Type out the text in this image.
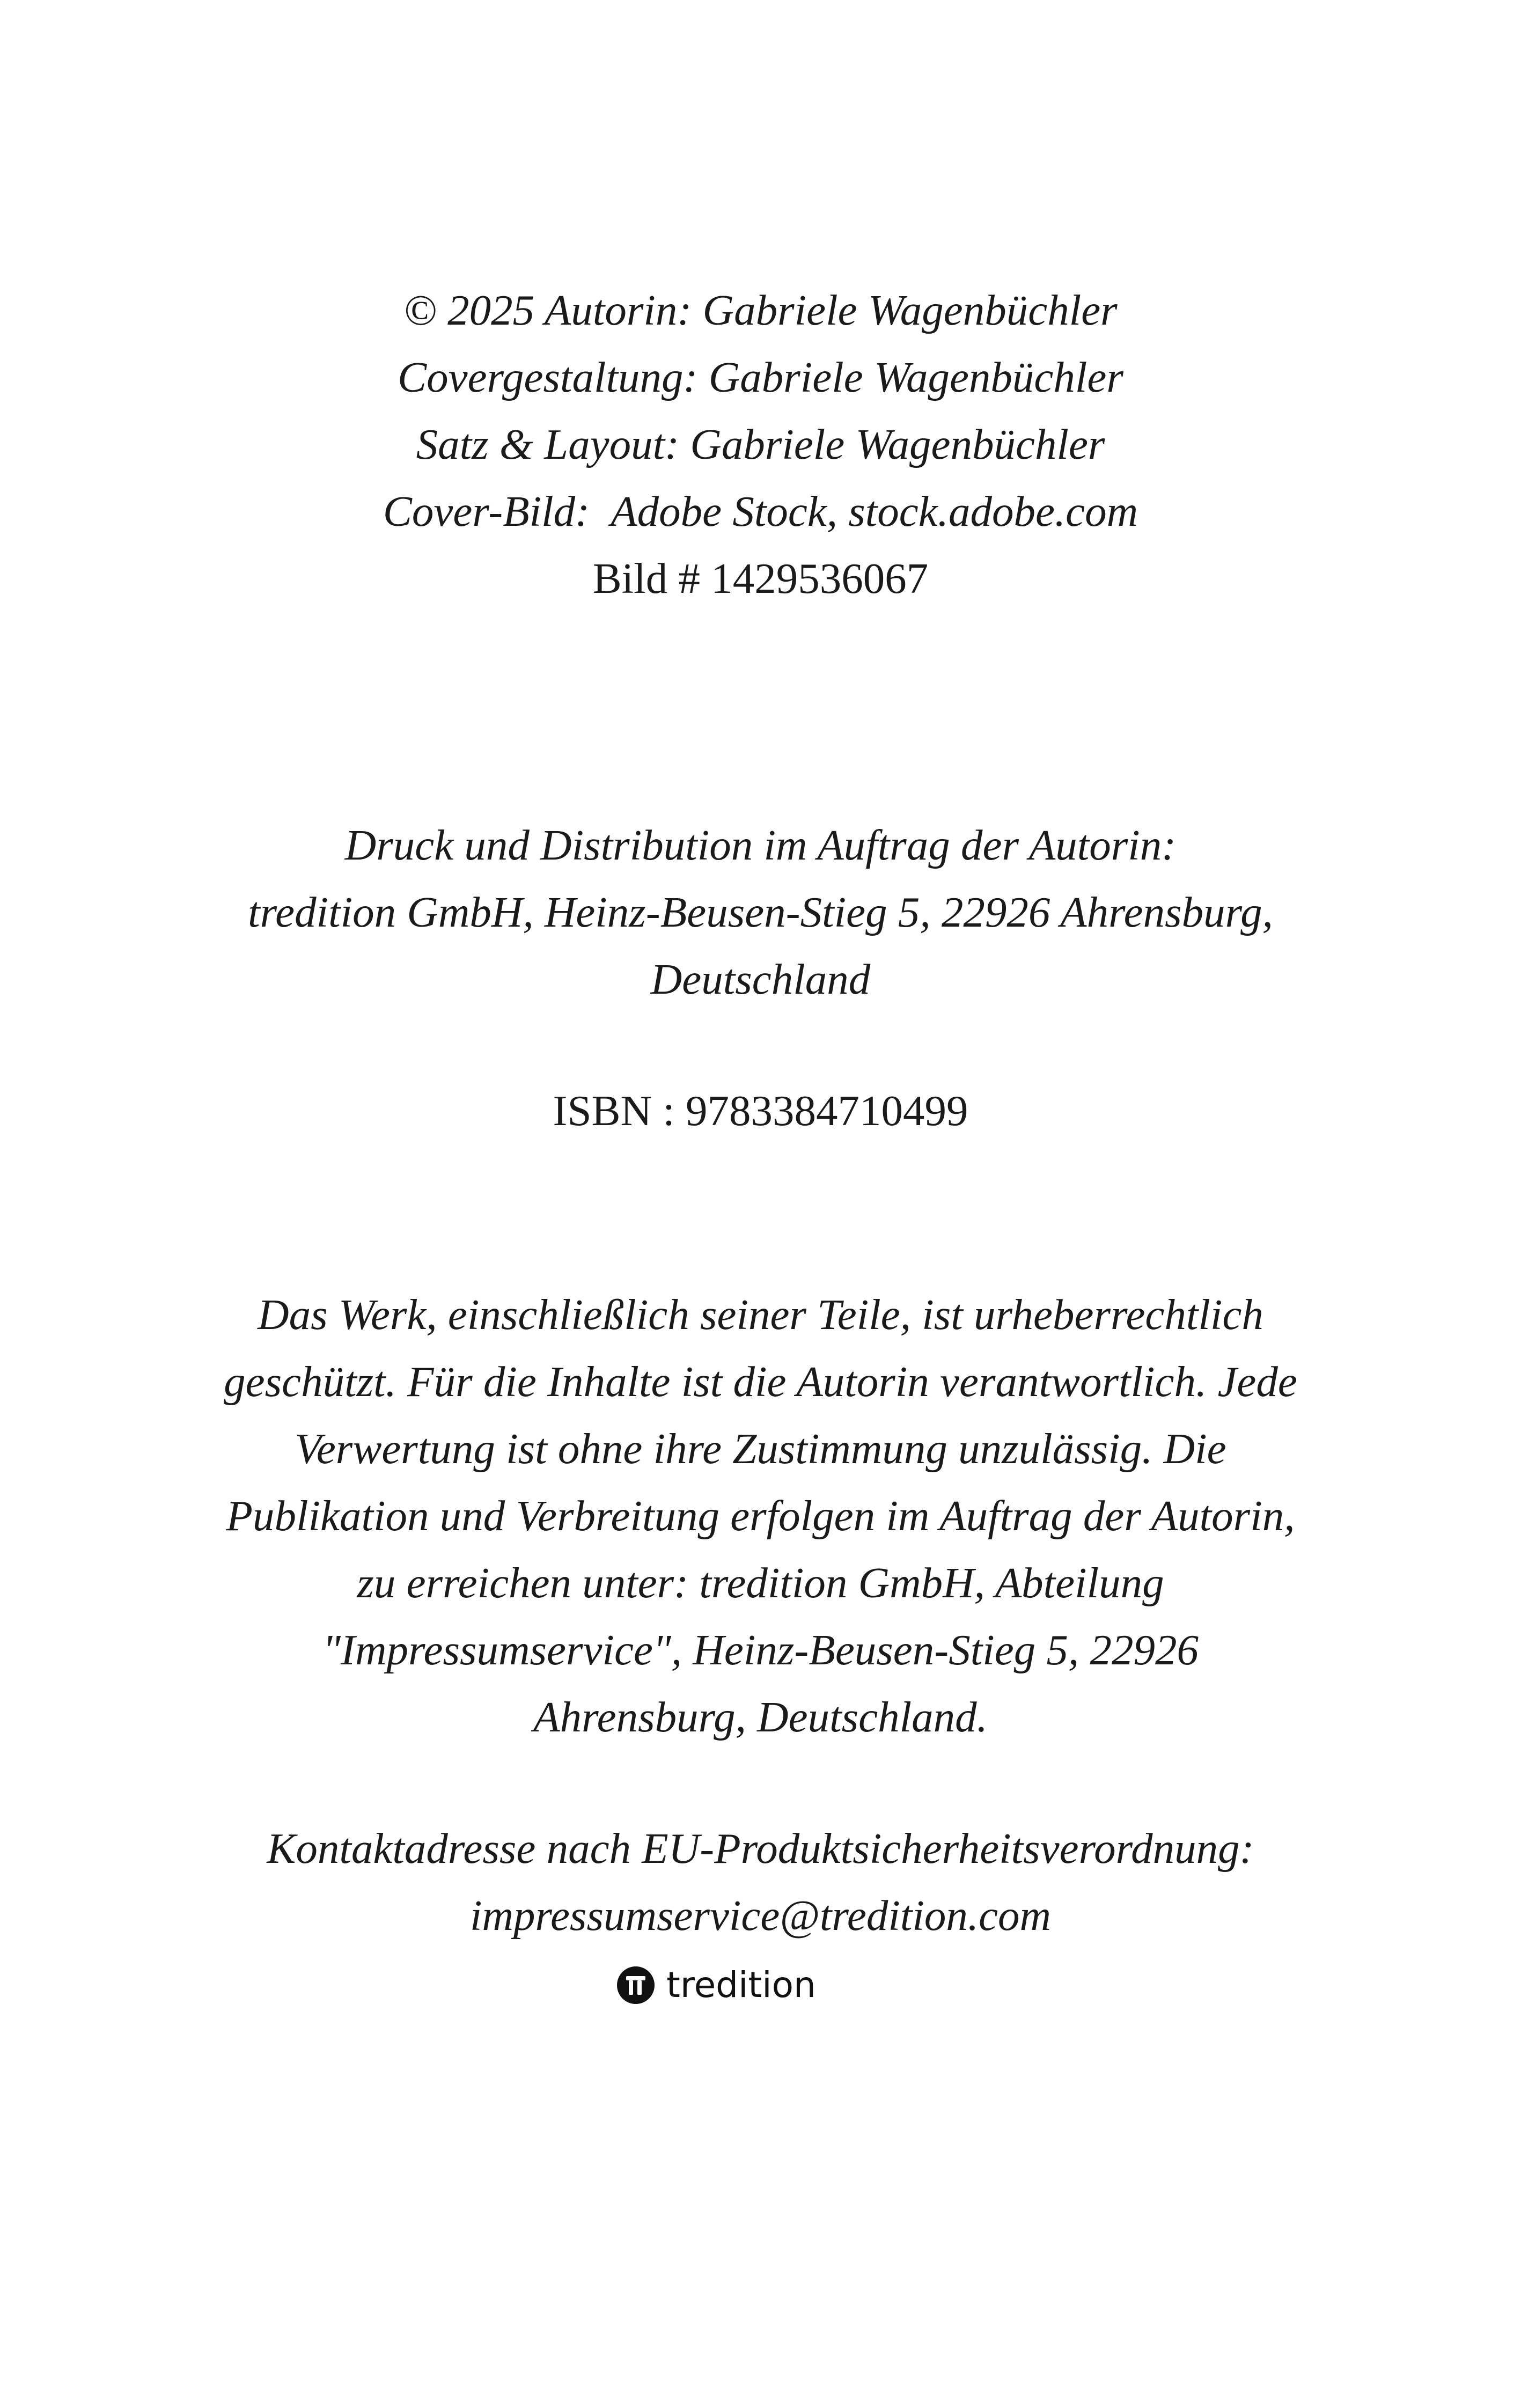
© 2025 Autorin: Gabriele Wagenbüchler
Covergestaltung: Gabriele Wagenbüchler
Satz & Layout: Gabriele Wagenbüchler
Cover-Bild:  Adobe Stock, stock.adobe.com
Bild # 1429536067
Druck und Distribution im Auftrag der Autorin:
tredition GmbH, Heinz-Beusen-Stieg 5, 22926 Ahrensburg,
Deutschland
ISBN : 9783384710499
Das Werk, einschließlich seiner Teile, ist urheberrechtlich
geschützt. Für die Inhalte ist die Autorin verantwortlich. Jede
Verwertung ist ohne ihre Zustimmung unzulässig. Die
Publikation und Verbreitung erfolgen im Auftrag der Autorin,
zu erreichen unter: tredition GmbH, Abteilung
"Impressumservice", Heinz-Beusen-Stieg 5, 22926
Ahrensburg, Deutschland.
Kontaktadresse nach EU-Produktsicherheitsverordnung:
impressumservice@tredition.com
tredition
